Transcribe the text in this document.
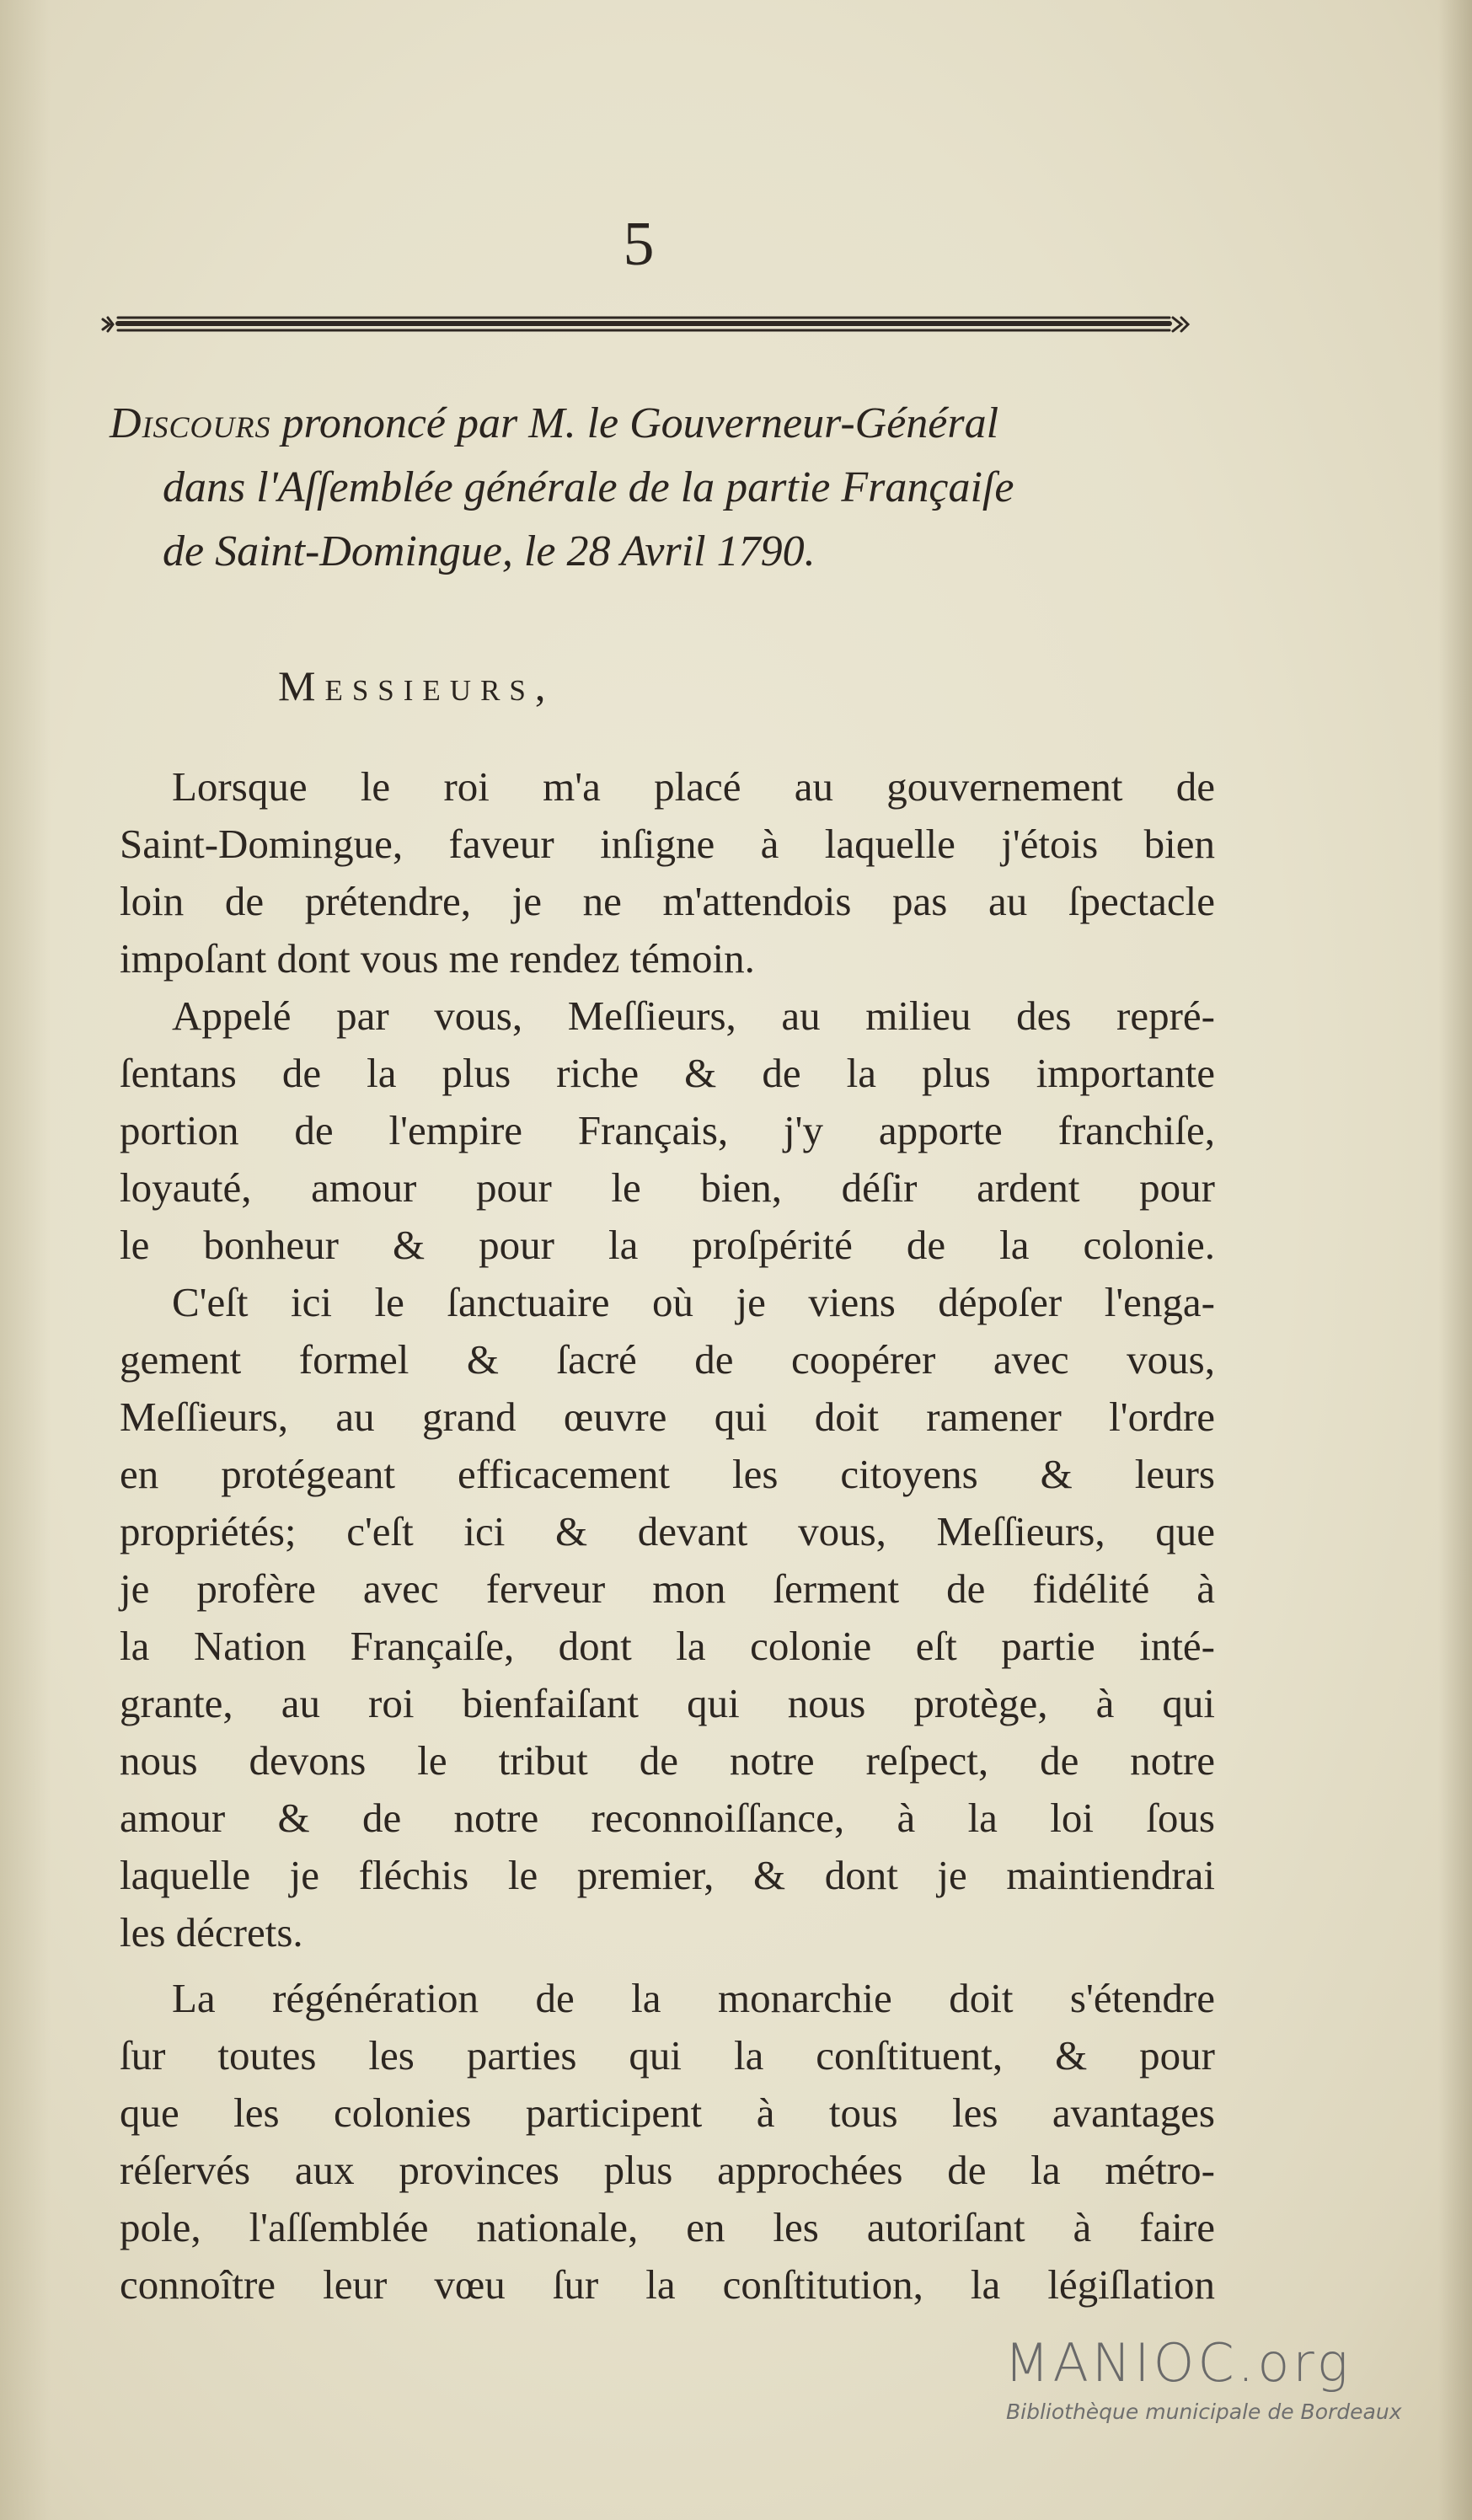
5
Discours prononcé par M. le Gouverneur-Général
dans l'Aſſemblée générale de la partie Françaiſe
de Saint-Domingue, le 28 Avril 1790.
Messieurs,
Lorsque le roi m'a placé au gouvernement de
Saint-Domingue, faveur inſigne à laquelle j'étois bien
loin de prétendre, je ne m'attendois pas au ſpectacle
impoſant dont vous me rendez témoin.
Appelé par vous, Meſſieurs, au milieu des repré-
ſentans de la plus riche & de la plus importante
portion de l'empire Français, j'y apporte franchiſe,
loyauté, amour pour le bien, déſir ardent pour
le bonheur & pour la proſpérité de la colonie.
C'eſt ici le ſanctuaire où je viens dépoſer l'enga-
gement formel & ſacré de coopérer avec vous,
Meſſieurs, au grand œuvre qui doit ramener l'ordre
en protégeant efficacement les citoyens & leurs
propriétés; c'eſt ici & devant vous, Meſſieurs, que
je profère avec ferveur mon ſerment de fidélité à
la Nation Françaiſe, dont la colonie eſt partie inté-
grante, au roi bienfaiſant qui nous protège, à qui
nous devons le tribut de notre reſpect, de notre
amour & de notre reconnoiſſance, à la loi ſous
laquelle je fléchis le premier, & dont je maintiendrai
les décrets.
La régénération de la monarchie doit s'étendre
ſur toutes les parties qui la conſtituent, & pour
que les colonies participent à tous les avantages
réſervés aux provinces plus approchées de la métro-
pole, l'aſſemblée nationale, en les autoriſant à faire
connoître leur vœu ſur la conſtitution, la légiſlation
MANIOC.org
Bibliothèque municipale de Bordeaux
